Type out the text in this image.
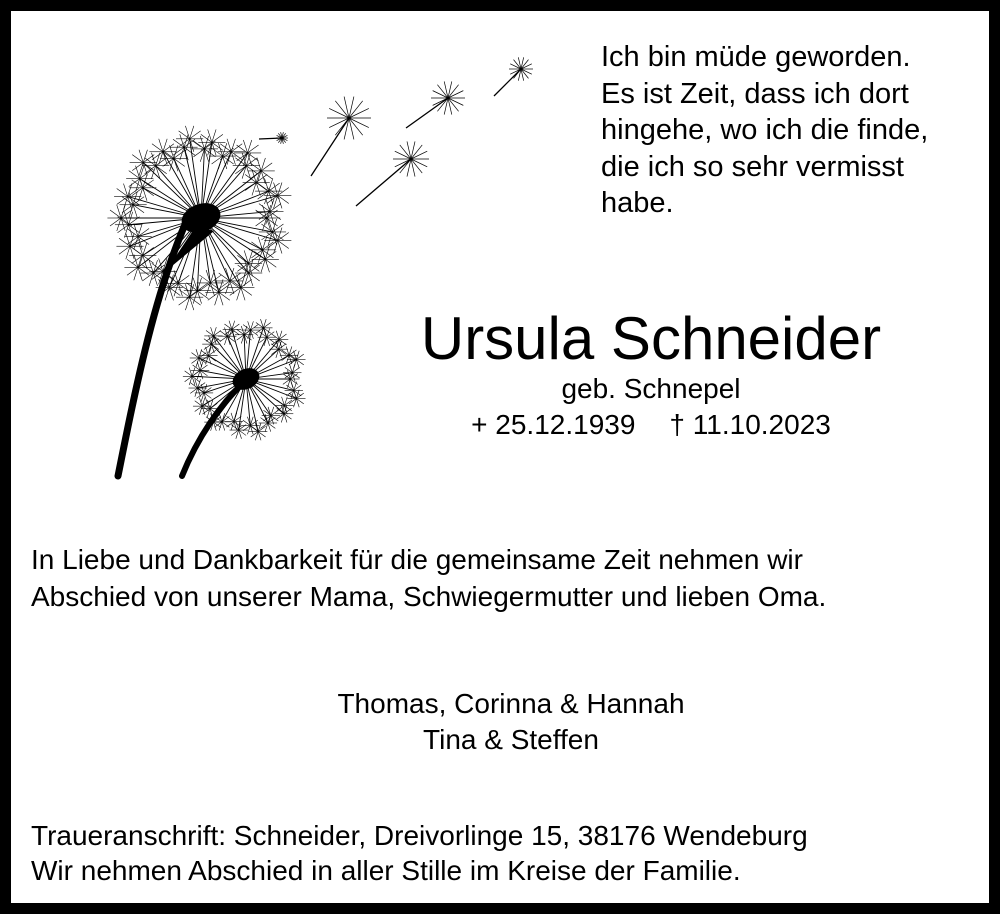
Ich bin müde geworden.
Es ist Zeit, dass ich dort
hingehe, wo ich die finde,
die ich so sehr vermisst
habe.
Ursula Schneider
geb. Schnepel
+ 25.12.1939 † 11.10.2023
In Liebe und Dankbarkeit für die gemeinsame Zeit nehmen wir
Abschied von unserer Mama, Schwiegermutter und lieben Oma.
Thomas, Corinna & Hannah
Tina & Steffen
Traueranschrift: Schneider, Dreivorlinge 15, 38176 Wendeburg
Wir nehmen Abschied in aller Stille im Kreise der Familie.
